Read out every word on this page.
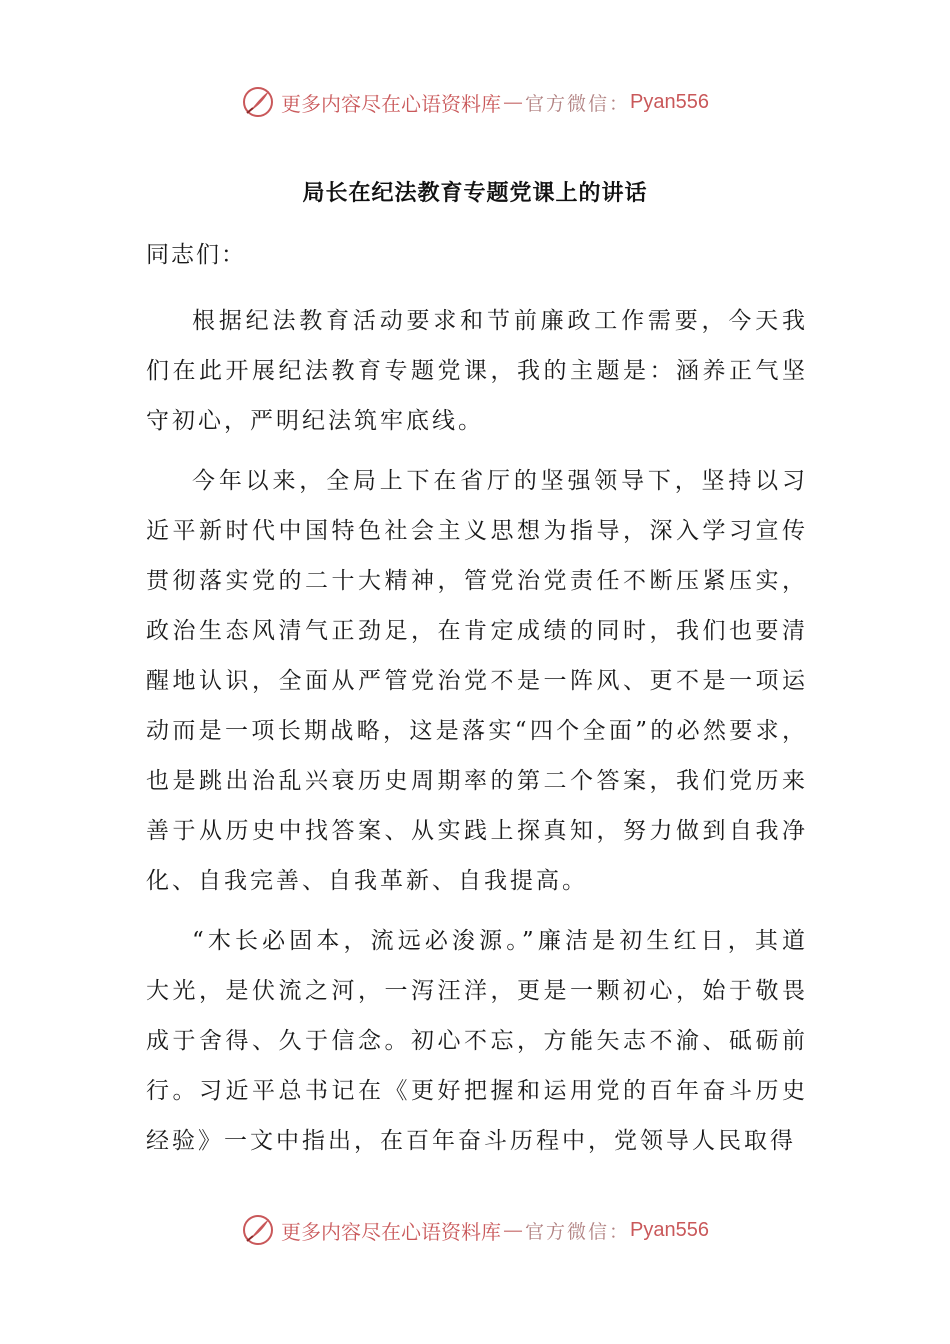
更多内容尽在心语资料库 — 官方微信： Pyan556
局长在纪法教育专题党课上的讲话

同志们：

根据纪法教育活动要求和节前廉政工作需要，今天我们在此开展纪法教育专题党课，我的主题是：涵养正气坚守初心，严明纪法筑牢底线。

今年以来，全局上下在省厅的坚强领导下，坚持以习近平新时代中国特色社会主义思想为指导，深入学习宣传贯彻落实党的二十大精神，管党治党责任不断压紧压实，政治生态风清气正劲足，在肯定成绩的同时，我们也要清醒地认识，全面从严管党治党不是一阵风、更不是一项运动而是一项长期战略，这是落实“四个全面”的必然要求，也是跳出治乱兴衰历史周期率的第二个答案，我们党历来善于从历史中找答案、从实践上探真知，努力做到自我净化、自我完善、自我革新、自我提高。

“木长必固本，流远必浚源。”廉洁是初生红日，其道大光，是伏流之河，一泻汪洋，更是一颗初心，始于敬畏成于舍得、久于信念。初心不忘，方能矢志不渝、砥砺前行。习近平总书记在《更好把握和运用党的百年奋斗历史经验》一文中指出，在百年奋斗历程中，党领导人民取得

更多内容尽在心语资料库 — 官方微信： Pyan556
